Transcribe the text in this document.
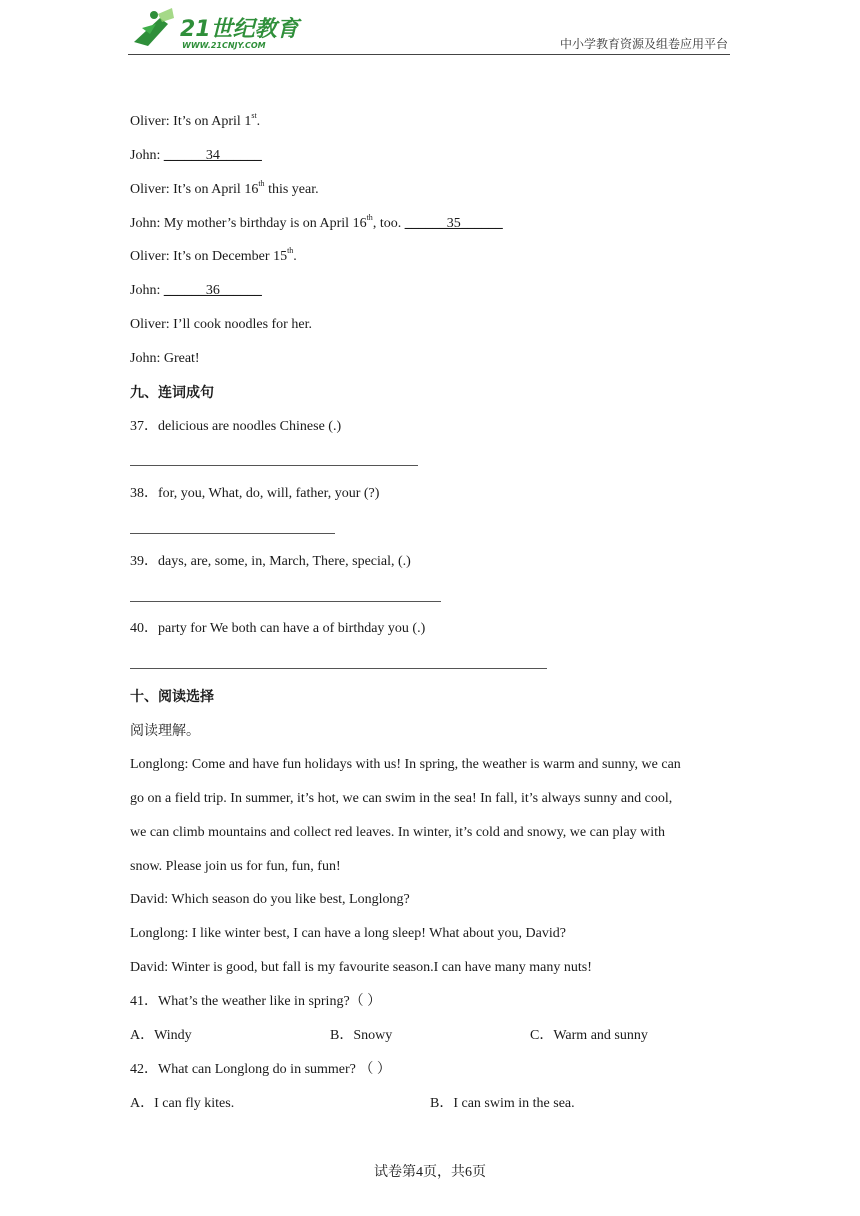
21世纪教育
WWW.21CNJY.COM	中小学教育资源及组卷应用平台
Oliver: It’s on April 1st.
John: ______34______
Oliver: It’s on April 16th this year.
John: My mother’s birthday is on April 16th, too. ______35______
Oliver: It’s on December 15th.
John: ______36______
Oliver: I’ll cook noodles for her.
John: Great!
九、连词成句
37．delicious are noodles Chinese (.)
38．for, you, What, do, will, father, your (?)
39．days, are, some, in, March, There, special, (.)
40．party for We both can have a of birthday you (.)
十、阅读选择
阅读理解。
Longlong: Come and have fun holidays with us! In spring, the weather is warm and sunny, we can
go on a field trip. In summer, it’s hot, we can swim in the sea! In fall, it’s always sunny and cool,
we can climb mountains and collect red leaves. In winter, it’s cold and snowy, we can play with
snow. Please join us for fun, fun, fun!
David: Which season do you like best, Longlong?
Longlong: I like winter best, I can have a long sleep! What about you, David?
David: Winter is good, but fall is my favourite season.I can have many many nuts!
41．What’s the weather like in spring?（ ）
A．Windy	B．Snowy	C．Warm and sunny
42．What can Longlong do in summer? （ ）
A．I can fly kites.	B．I can swim in the sea.
试卷第4页，共6页
